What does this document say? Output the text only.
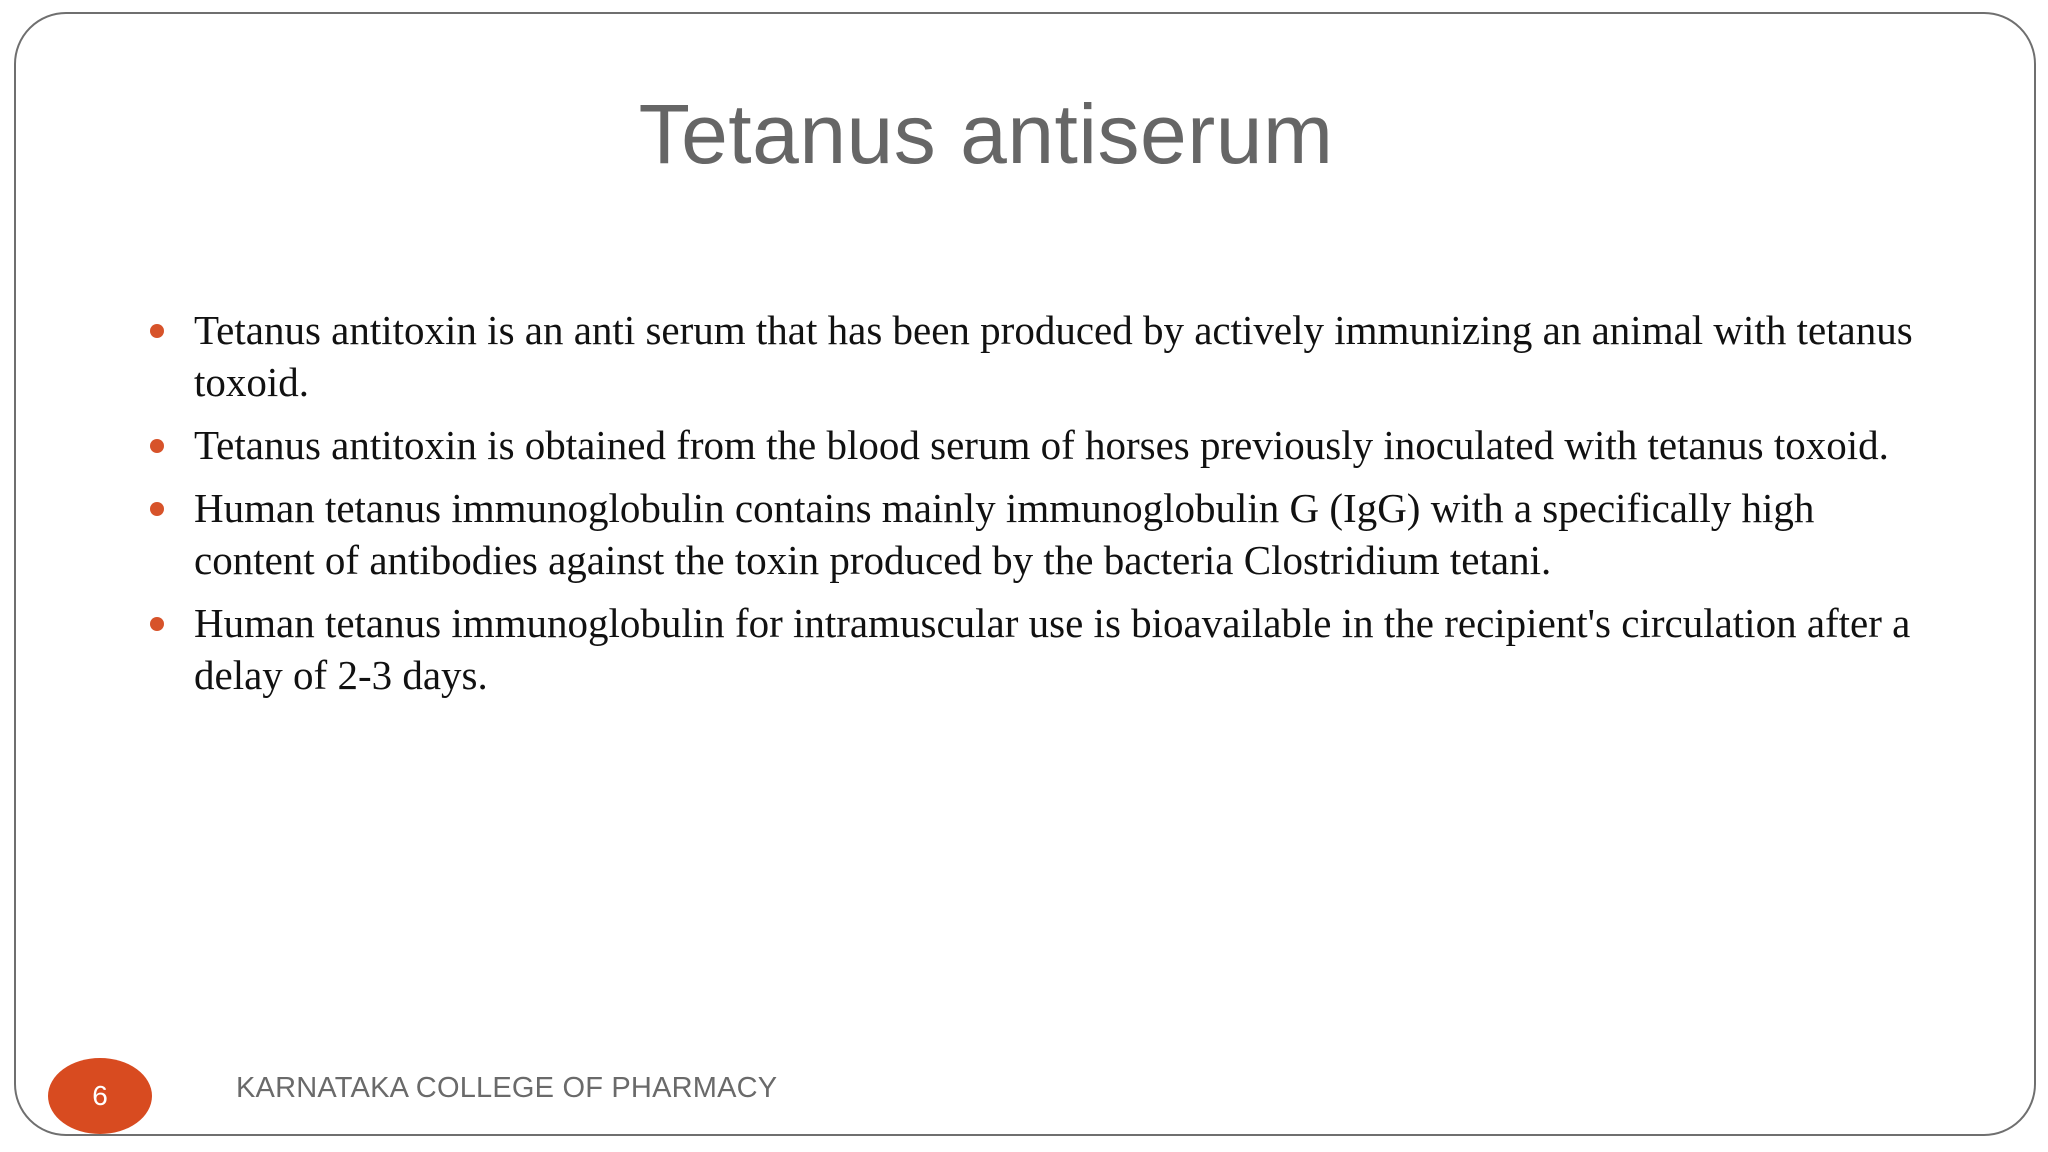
Tetanus antiserum
Tetanus antitoxin is an anti serum that has been produced by actively immunizing an animal with tetanus toxoid.
Tetanus antitoxin is obtained from the blood serum of horses previously inoculated with tetanus toxoid.
Human tetanus immunoglobulin contains mainly immunoglobulin G (IgG) with a specifically high content of antibodies against the toxin produced by the bacteria Clostridium tetani.
Human tetanus immunoglobulin for intramuscular use is bioavailable in the recipient's circulation after a delay of 2-3 days.
6	KARNATAKA COLLEGE OF PHARMACY
